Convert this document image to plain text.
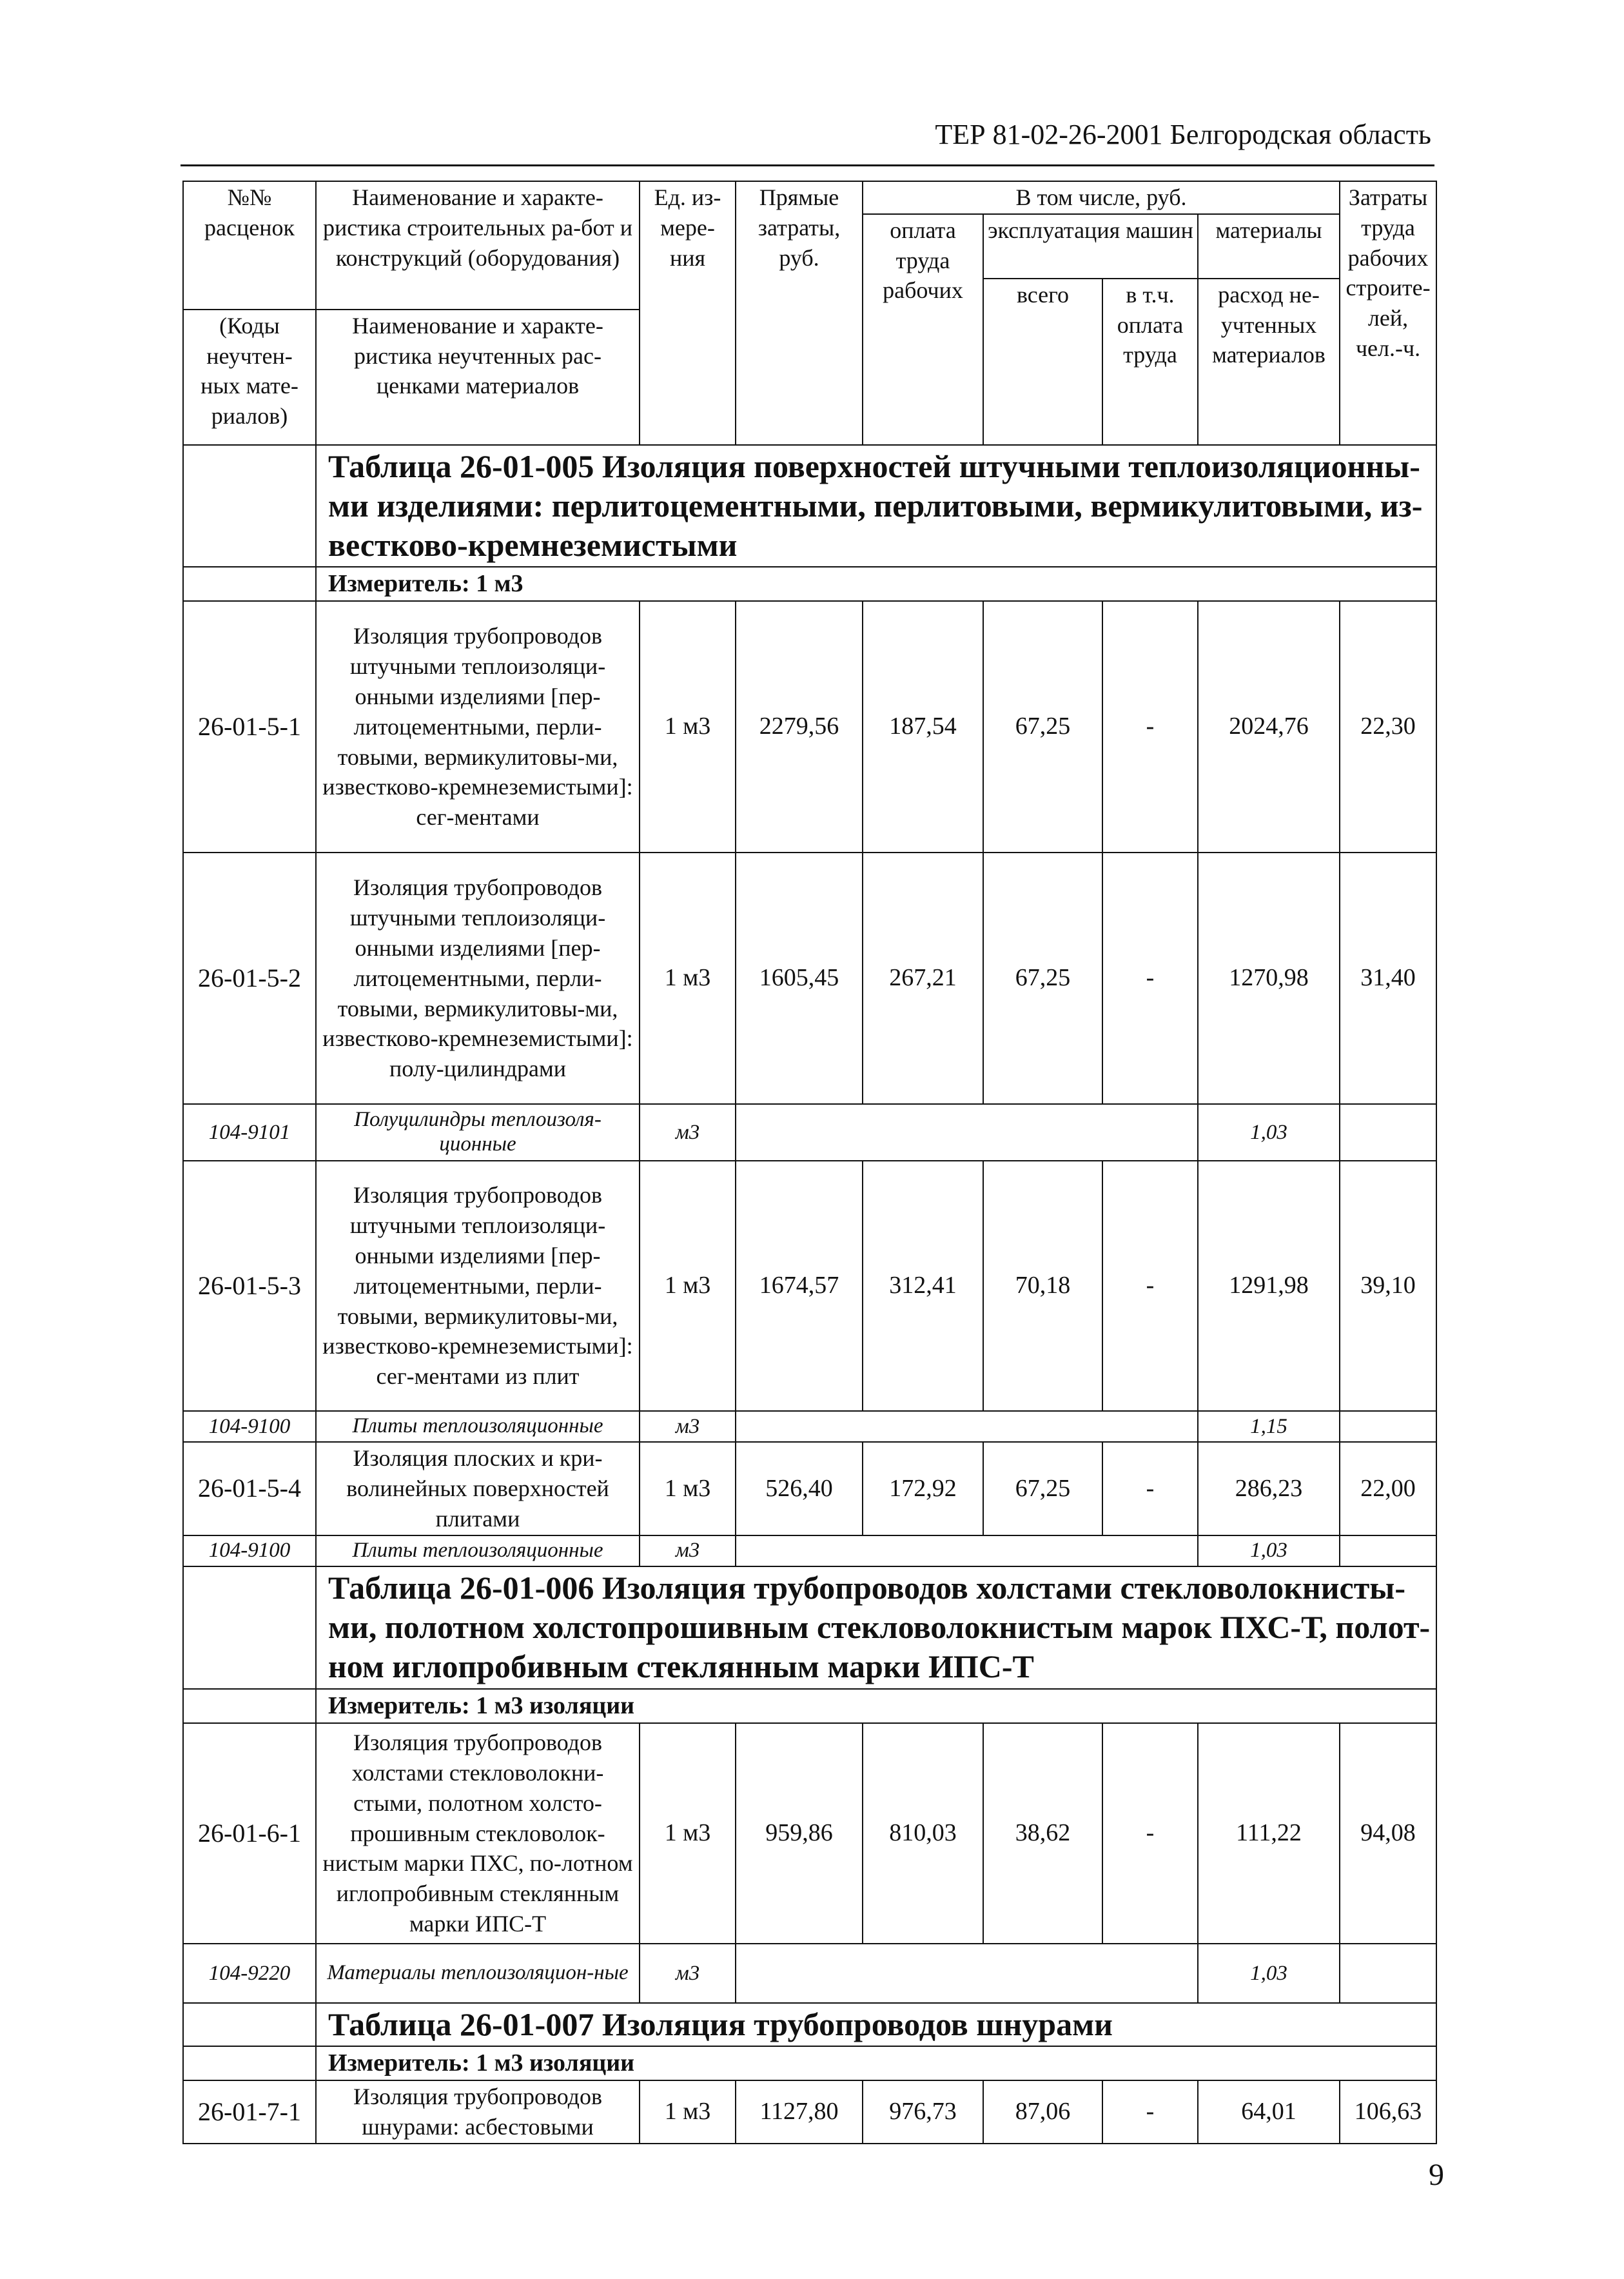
ТЕР 81-02-26-2001 Белгородская область
№№ расценок	Наименование и характе-ристика строительных ра-бот и конструкций (оборудования)	Ед. из-мере-ния	Прямые затраты, руб.	В том числе, руб.				Затраты труда рабочих строите-лей, чел.-ч.
				оплата труда рабочих	эксплуатация машин		материалы	
					всего	в т.ч. оплата труда	расход не-учтенных материалов	
(Коды неучтен-ных мате-риалов)	Наименование и характе-ристика неучтенных рас-ценками материалов							
	Таблица 26-01-005 Изоляция поверхностей штучными теплоизоляционны-ми изделиями: перлитоцементными, перлитовыми, вермикулитовыми, из-вестково-кремнеземистыми							
	Измеритель: 1 м3							
26-01-5-1	Изоляция трубопроводов штучными теплоизоляци-онными изделиями [пер-литоцементными, перли-товыми, вермикулитовы-ми, известково-кремнеземистыми]: сег-ментами	1 м3	2279,56	187,54	67,25	-	2024,76	22,30
26-01-5-2	Изоляция трубопроводов штучными теплоизоляци-онными изделиями [пер-литоцементными, перли-товыми, вермикулитовы-ми, известково-кремнеземистыми]: полу-цилиндрами	1 м3	1605,45	267,21	67,25	-	1270,98	31,40
104-9101	Полуцилиндры теплоизоля-ционные	м3					1,03	
26-01-5-3	Изоляция трубопроводов штучными теплоизоляци-онными изделиями [пер-литоцементными, перли-товыми, вермикулитовы-ми, известково-кремнеземистыми]: сег-ментами из плит	1 м3	1674,57	312,41	70,18	-	1291,98	39,10
104-9100	Плиты теплоизоляционные	м3					1,15	
26-01-5-4	Изоляция плоских и кри-волинейных поверхностей плитами	1 м3	526,40	172,92	67,25	-	286,23	22,00
104-9100	Плиты теплоизоляционные	м3					1,03	
	Таблица 26-01-006 Изоляция трубопроводов холстами стекловолокнисты-ми, полотном холстопрошивным стекловолокнистым марок ПХС-Т, полот-ном иглопробивным стеклянным марки ИПС-Т							
	Измеритель: 1 м3 изоляции							
26-01-6-1	Изоляция трубопроводов холстами стекловолокни-стыми, полотном холсто-прошивным стекловолок-нистым марки ПХС, по-лотном иглопробивным стеклянным марки ИПС-Т	1 м3	959,86	810,03	38,62	-	111,22	94,08
104-9220	Материалы теплоизоляцион-ные	м3					1,03	
	Таблица 26-01-007 Изоляция трубопроводов шнурами							
	Измеритель: 1 м3 изоляции							
26-01-7-1	Изоляция трубопроводов шнурами: асбестовыми	1 м3	1127,80	976,73	87,06	-	64,01	106,63
9
